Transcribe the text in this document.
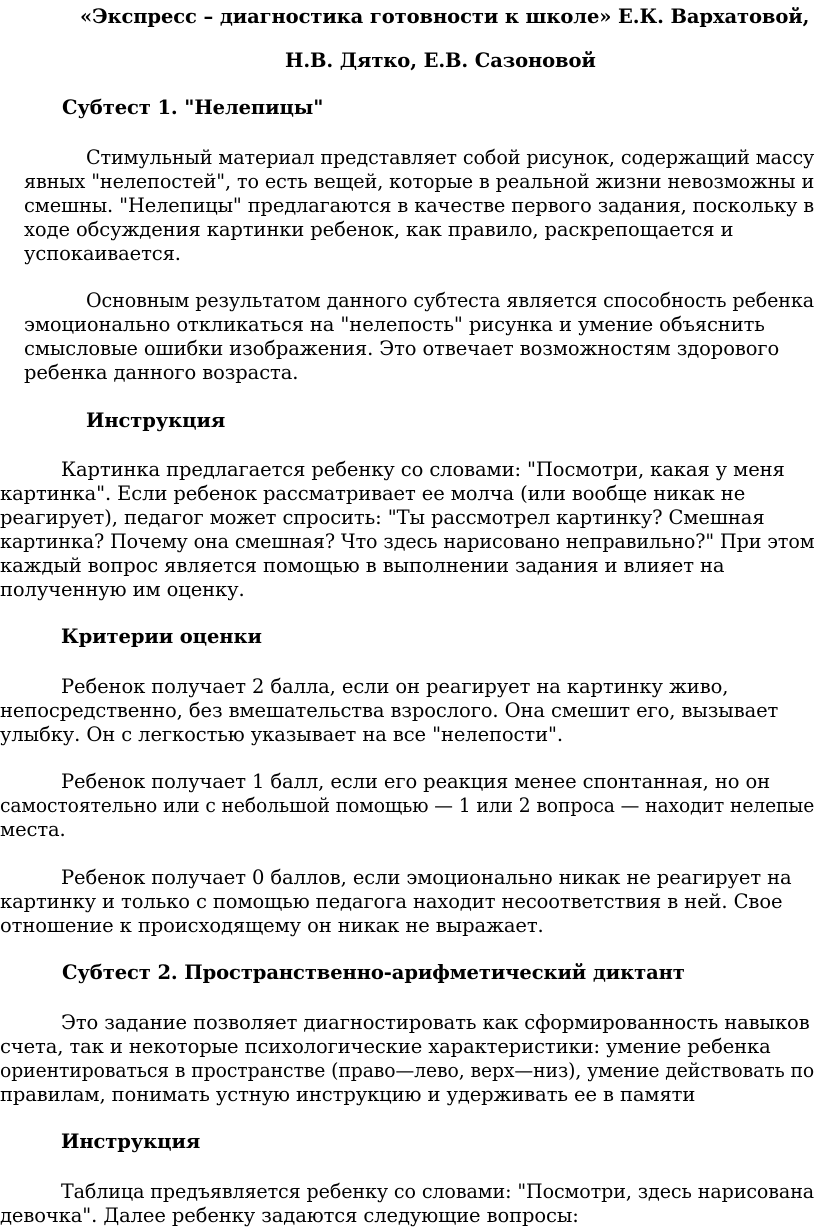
«Экспресс – диагностика готовности к школе» Е.К. Вархатовой,
Н.В. Дятко, Е.В. Сазоновой
Субтест 1. "Нелепицы"
Стимульный материал представляет собой рисунок, содержащий массу
явных "нелепостей", то есть вещей, которые в реальной жизни невозможны и
смешны. "Нелепицы" предлагаются в качестве первого задания, поскольку в
ходе обсуждения картинки ребенок, как правило, раскрепощается и
успокаивается.
Основным результатом данного субтеста является способность ребенка
эмоционально откликаться на "нелепость" рисунка и умение объяснить
смысловые ошибки изображения. Это отвечает возможностям здорового
ребенка данного возраста.
Инструкция
Картинка предлагается ребенку со словами: "Посмотри, какая у меня
картинка". Если ребенок рассматривает ее молча (или вообще никак не
реагирует), педагог может спросить: "Ты рассмотрел картинку? Смешная
картинка? Почему она смешная? Что здесь нарисовано неправильно?" При этом
каждый вопрос является помощью в выполнении задания и влияет на
полученную им оценку.
Критерии оценки
Ребенок получает 2 балла, если он реагирует на картинку живо,
непосредственно, без вмешательства взрослого. Она смешит его, вызывает
улыбку. Он с легкостью указывает на все "нелепости".
Ребенок получает 1 балл, если его реакция менее спонтанная, но он
самостоятельно или с небольшой помощью — 1 или 2 вопроса — находит нелепые
места.
Ребенок получает 0 баллов, если эмоционально никак не реагирует на
картинку и только с помощью педагога находит несоответствия в ней. Свое
отношение к происходящему он никак не выражает.
Субтест 2. Пространственно-арифметический диктант
Это задание позволяет диагностировать как сформированность навыков
счета, так и некоторые психологические характеристики: умение ребенка
ориентироваться в пространстве (право—лево, верх—низ), умение действовать по
правилам, понимать устную инструкцию и удерживать ее в памяти
Инструкция
Таблица предъявляется ребенку со словами: "Посмотри, здесь нарисована
девочка". Далее ребенку задаются следующие вопросы:
